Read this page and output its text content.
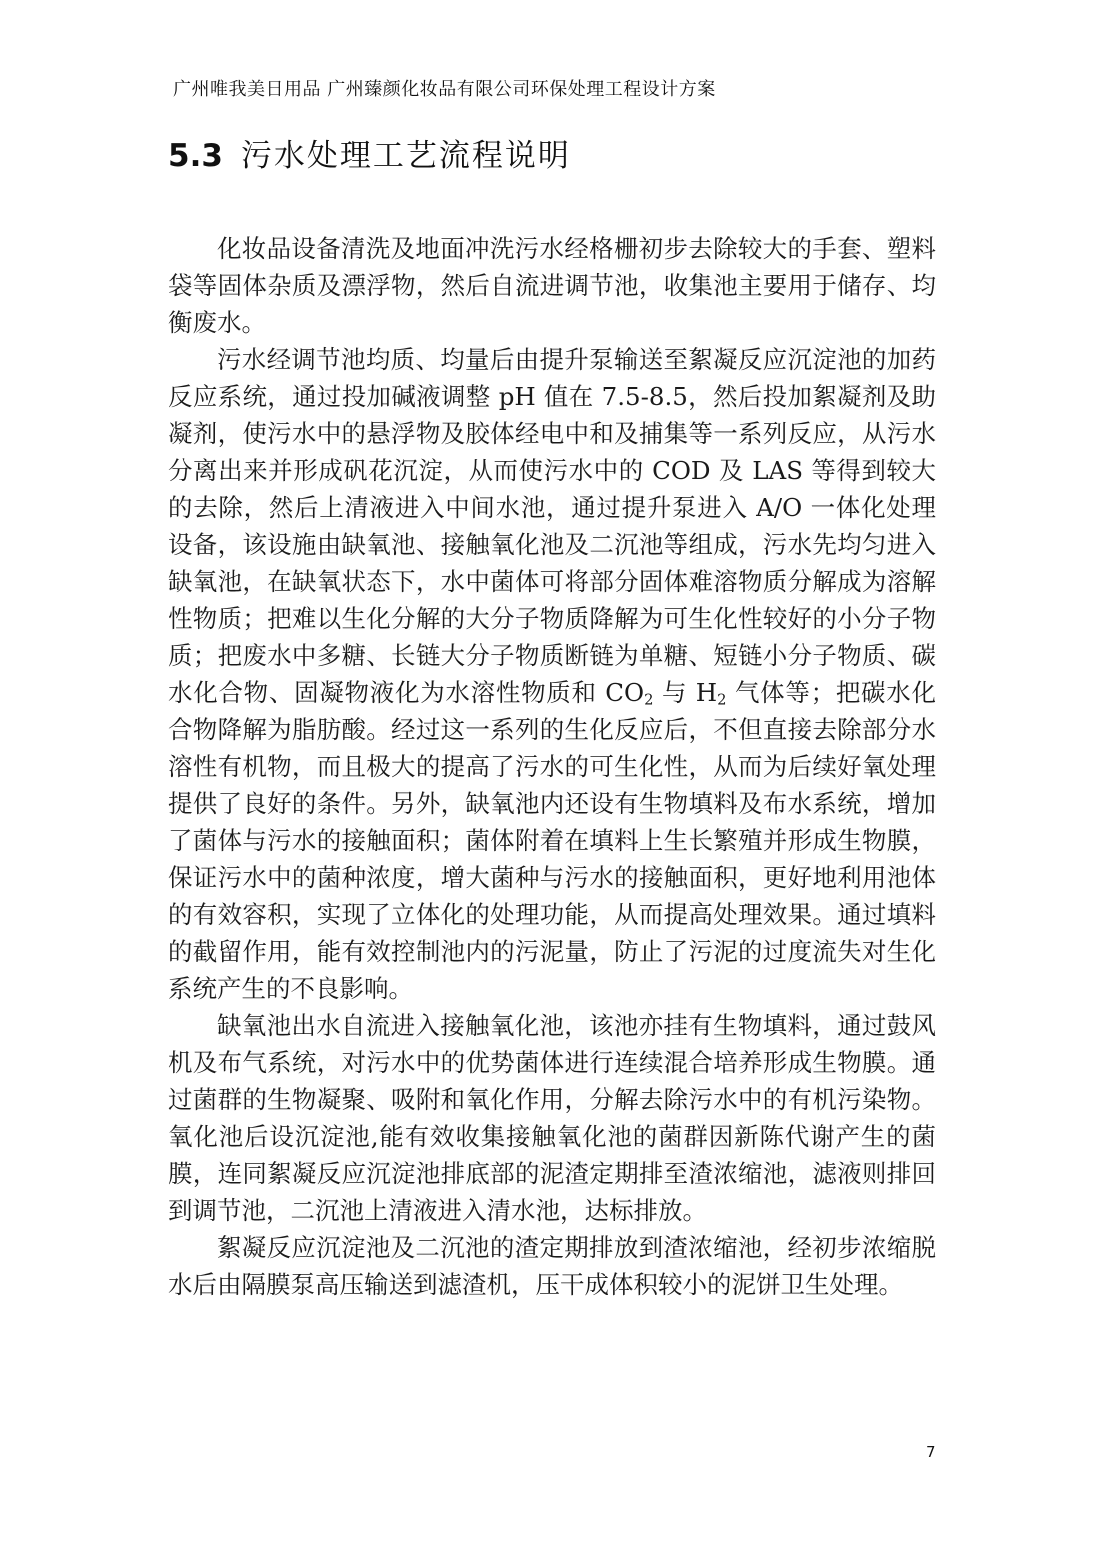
广州唯我美日用品 广州臻颜化妆品有限公司环保处理工程设计方案
5.3 污水处理工艺流程说明

化妆品设备清洗及地面冲洗污水经格栅初步去除较大的手套、塑料袋等固体杂质及漂浮物，然后自流进调节池，收集池主要用于储存、均衡废水。

污水经调节池均质、均量后由提升泵输送至絮凝反应沉淀池的加药反应系统，通过投加碱液调整 pH 值在 7.5-8.5，然后投加絮凝剂及助凝剂，使污水中的悬浮物及胶体经电中和及捕集等一系列反应，从污水分离出来并形成矾花沉淀，从而使污水中的 COD 及 LAS 等得到较大的去除，然后上清液进入中间水池，通过提升泵进入 A/O 一体化处理设备，该设施由缺氧池、接触氧化池及二沉池等组成，污水先均匀进入缺氧池，在缺氧状态下，水中菌体可将部分固体难溶物质分解成为溶解性物质；把难以生化分解的大分子物质降解为可生化性较好的小分子物质；把废水中多糖、长链大分子物质断链为单糖、短链小分子物质、碳水化合物、固凝物液化为水溶性物质和 $CO_2$ 与 $H_2$ 气体等；把碳水化合物降解为脂肪酸。经过这一系列的生化反应后，不但直接去除部分水溶性有机物，而且极大的提高了污水的可生化性，从而为后续好氧处理提供了良好的条件。另外，缺氧池内还设有生物填料及布水系统，增加了菌体与污水的接触面积；菌体附着在填料上生长繁殖并形成生物膜，保证污水中的菌种浓度，增大菌种与污水的接触面积，更好地利用池体的有效容积，实现了立体化的处理功能，从而提高处理效果。通过填料的截留作用，能有效控制池内的污泥量，防止了污泥的过度流失对生化系统产生的不良影响。

缺氧池出水自流进入接触氧化池，该池亦挂有生物填料，通过鼓风机及布气系统，对污水中的优势菌体进行连续混合培养形成生物膜。通过菌群的生物凝聚、吸附和氧化作用，分解去除污水中的有机污染物。氧化池后设沉淀池,能有效收集接触氧化池的菌群因新陈代谢产生的菌膜，连同絮凝反应沉淀池排底部的泥渣定期排至渣浓缩池，滤液则排回到调节池，二沉池上清液进入清水池，达标排放。

絮凝反应沉淀池及二沉池的渣定期排放到渣浓缩池，经初步浓缩脱水后由隔膜泵高压输送到滤渣机，压干成体积较小的泥饼卫生处理。

7
